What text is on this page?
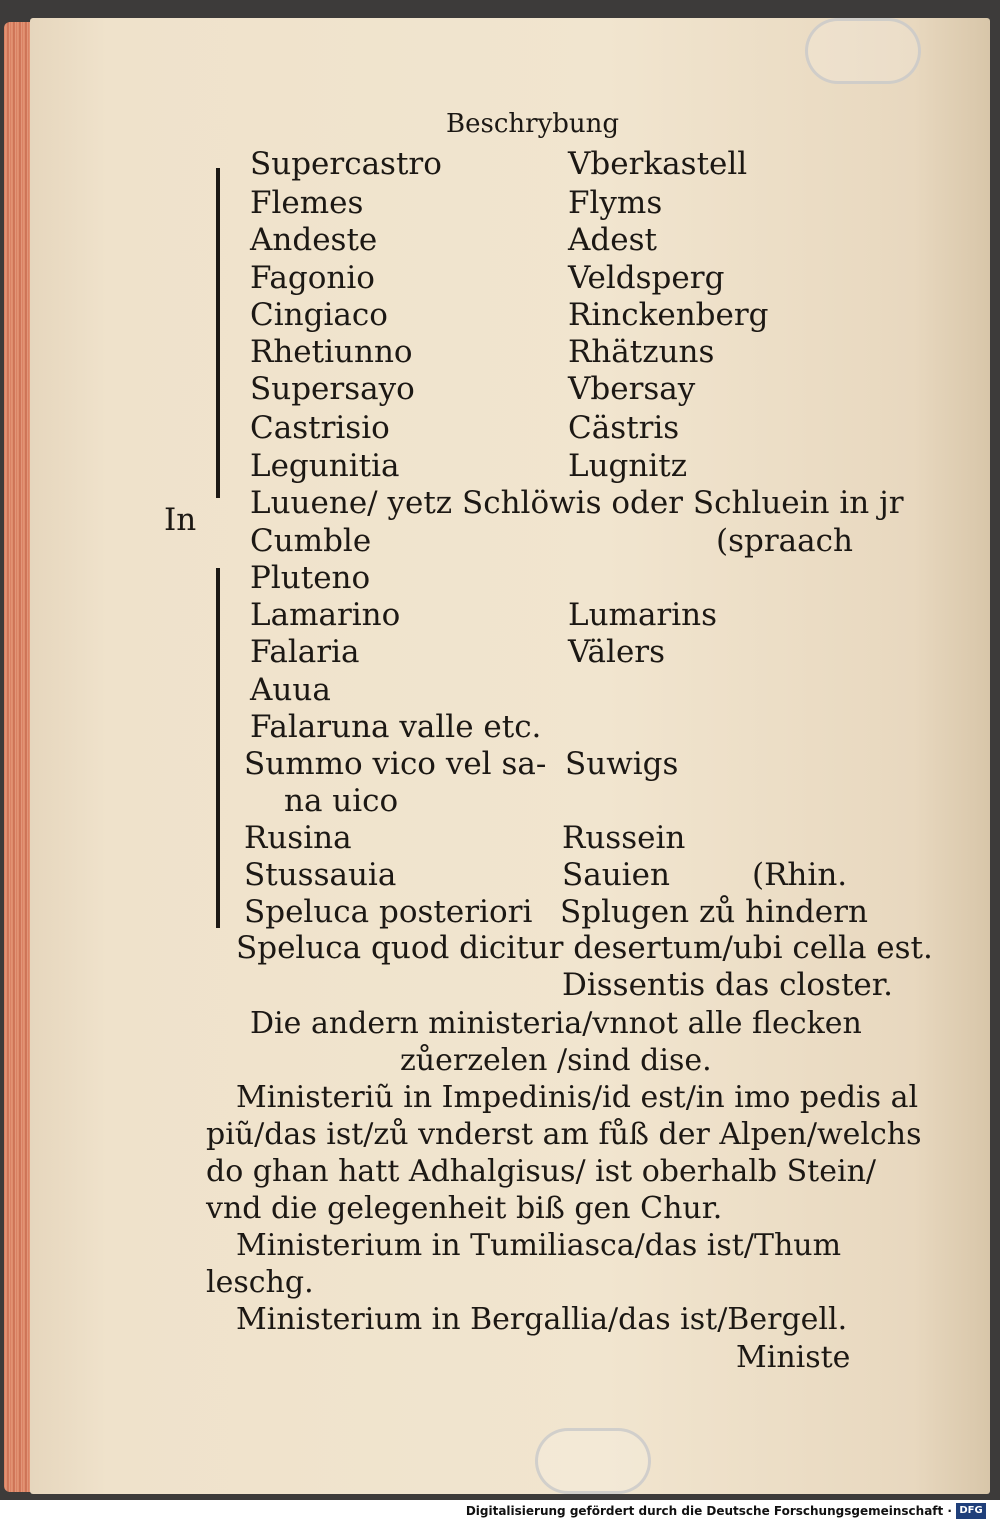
Beschrybung
In
Supercastro	Vberkastell
Flemes	Flyms
Andeste	Adest
Fagonio	Veldsperg
Cingiaco	Rinckenberg
Rhetiunno	Rhätzuns
Supersayo	Vbersay
Castrisio	Cästris
Legunitia	Lugnitz
Luuene/ yetz Schlöwis oder Schluein in jr
Cumble	(spraach
Pluteno
Lamarino	Lumarins
Falaria	Välers
Auua
Falaruna valle etc.
Summo vico vel sa- Suwigs
na uico
Rusina	Russein
Stussauia	Sauien	(Rhin.
Speluca posteriori Splugen zů hindern
Speluca quod dicitur desertum/ubi cella est.
Dissentis das closter.
Die andern ministeria/vnnot alle flecken
zůerzelen /sind dise.
Ministeriũ in Impedinis/id est/in imo pedis al
piũ/das ist/zů vnderst am fůß der Alpen/welchs
do ghan hatt Adhalgisus/ ist oberhalb Stein/
vnd die gelegenheit biß gen Chur.
Ministerium in Tumiliasca/das ist/Thum
leschg.
Ministerium in Bergallia/das ist/Bergell.
Ministe
Digitalisierung gefördert durch die Deutsche Forschungsgemeinschaft · DFG
